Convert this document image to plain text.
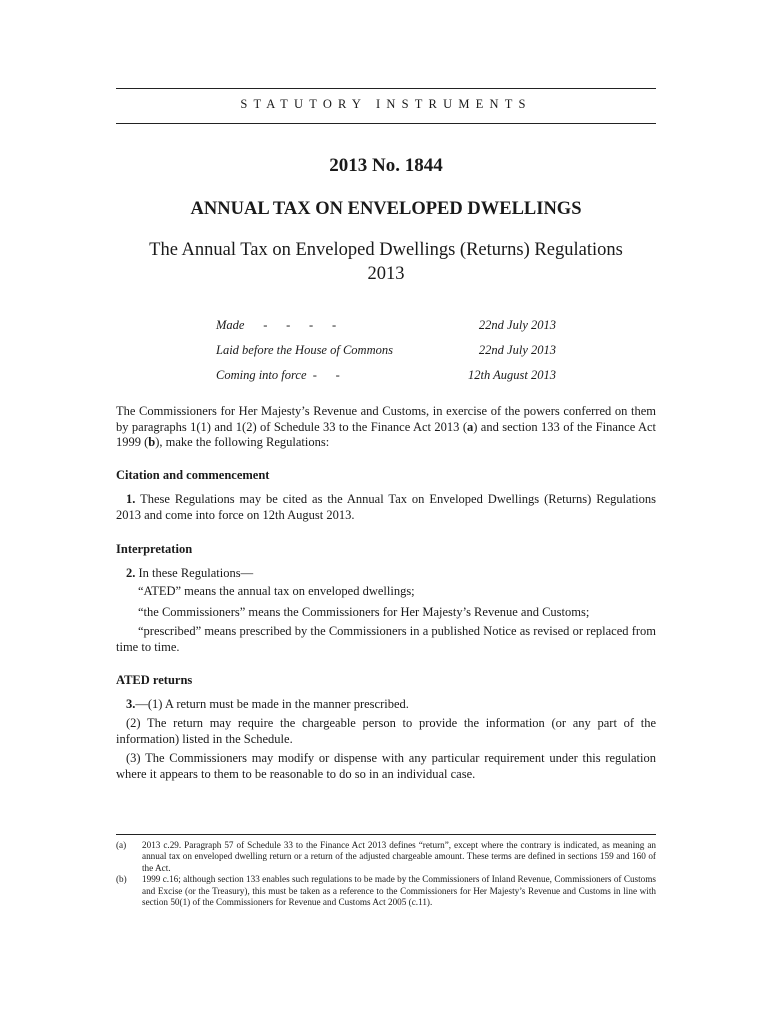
STATUTORY INSTRUMENTS
2013 No. 1844
ANNUAL TAX ON ENVELOPED DWELLINGS
The Annual Tax on Enveloped Dwellings (Returns) Regulations
2013
Made      -      -      -      -	22nd July 2013
Laid before the House of Commons	22nd July 2013
Coming into force  -      -	12th August 2013
The Commissioners for Her Majesty’s Revenue and Customs, in exercise of the powers conferred on them by paragraphs 1(1) and 1(2) of Schedule 33 to the Finance Act 2013 (a) and section 133 of the Finance Act 1999 (b), make the following Regulations:
Citation and commencement
1. These Regulations may be cited as the Annual Tax on Enveloped Dwellings (Returns) Regulations 2013 and come into force on 12th August 2013.
Interpretation
2. In these Regulations—
“ATED” means the annual tax on enveloped dwellings;
“the Commissioners” means the Commissioners for Her Majesty’s Revenue and Customs;
“prescribed” means prescribed by the Commissioners in a published Notice as revised or replaced from time to time.
ATED returns
3.—(1) A return must be made in the manner prescribed.
(2) The return may require the chargeable person to provide the information (or any part of the information) listed in the Schedule.
(3) The Commissioners may modify or dispense with any particular requirement under this regulation where it appears to them to be reasonable to do so in an individual case.
(a) 2013 c.29. Paragraph 57 of Schedule 33 to the Finance Act 2013 defines “return”, except where the contrary is indicated, as meaning an annual tax on enveloped dwelling return or a return of the adjusted chargeable amount. These terms are defined in sections 159 and 160 of the Act.
(b) 1999 c.16; although section 133 enables such regulations to be made by the Commissioners of Inland Revenue, Commissioners of Customs and Excise (or the Treasury), this must be taken as a reference to the Commissioners for Her Majesty’s Revenue and Customs in line with section 50(1) of the Commissioners for Revenue and Customs Act 2005 (c.11).
